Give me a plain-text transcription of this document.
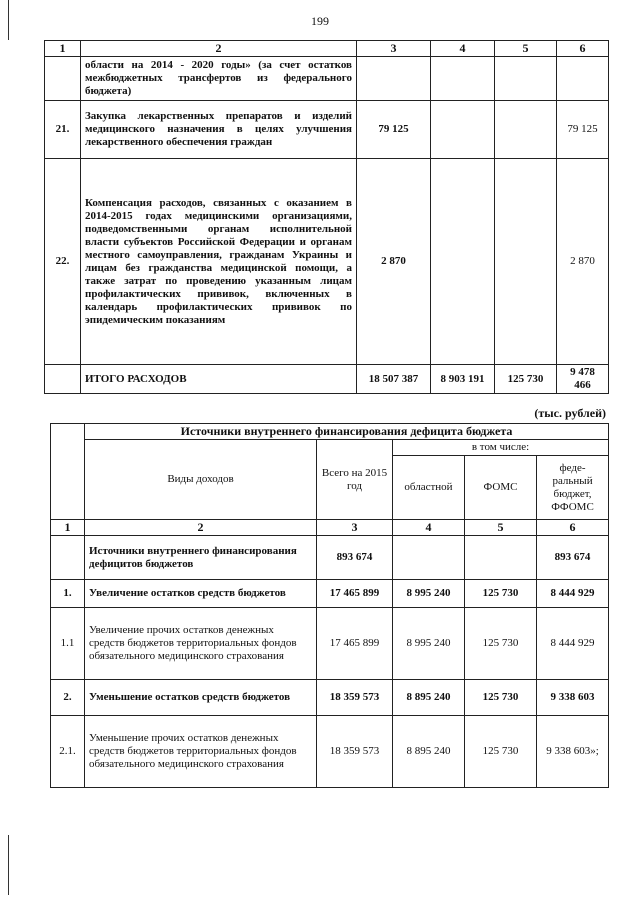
199
1	2	3	4	5	6
	области на 2014 - 2020 годы» (за счет остатков межбюджетных трансфертов из федерального бюджета)				
21.	Закупка лекарственных препаратов и изделий медицинского назначения в целях улучшения лекарственного обеспечения граждан	79 125			79 125
22.	Компенсация расходов, связанных с оказанием в 2014-2015 годах медицинскими организациями, подведомственными органам исполнительной власти субъектов Российской Федерации и органам местного самоуправления, гражданам Украины и лицам без гражданства медицинской помощи, а также затрат по проведению указанным лицам профилактических прививок, включенных в календарь профилактических прививок по эпидемическим показаниям	2 870			2 870
	ИТОГО РАСХОДОВ	18 507 387	8 903 191	125 730	9 478 466
(тыс. рублей)
	Источники внутреннего финансирования дефицита бюджета				
	Виды доходов	Всего на 2015 год	в том числе:		
			областной	ФОМС	феде-ральный бюджет, ФФОМС
1	2	3	4	5	6
	Источники внутреннего финансирования дефицитов бюджетов	893 674			893 674
1.	Увеличение остатков средств бюджетов	17 465 899	8 995 240	125 730	8 444 929
1.1	Увеличение прочих остатков денежных средств бюджетов территориальных фондов обязательного медицинского страхования	17 465 899	8 995 240	125 730	8 444 929
2.	Уменьшение остатков средств бюджетов	18 359 573	8 895 240	125 730	9 338 603
2.1.	Уменьшение прочих остатков денежных средств бюджетов территориальных фондов обязательного медицинского страхования	18 359 573	8 895 240	125 730	9 338 603»;
